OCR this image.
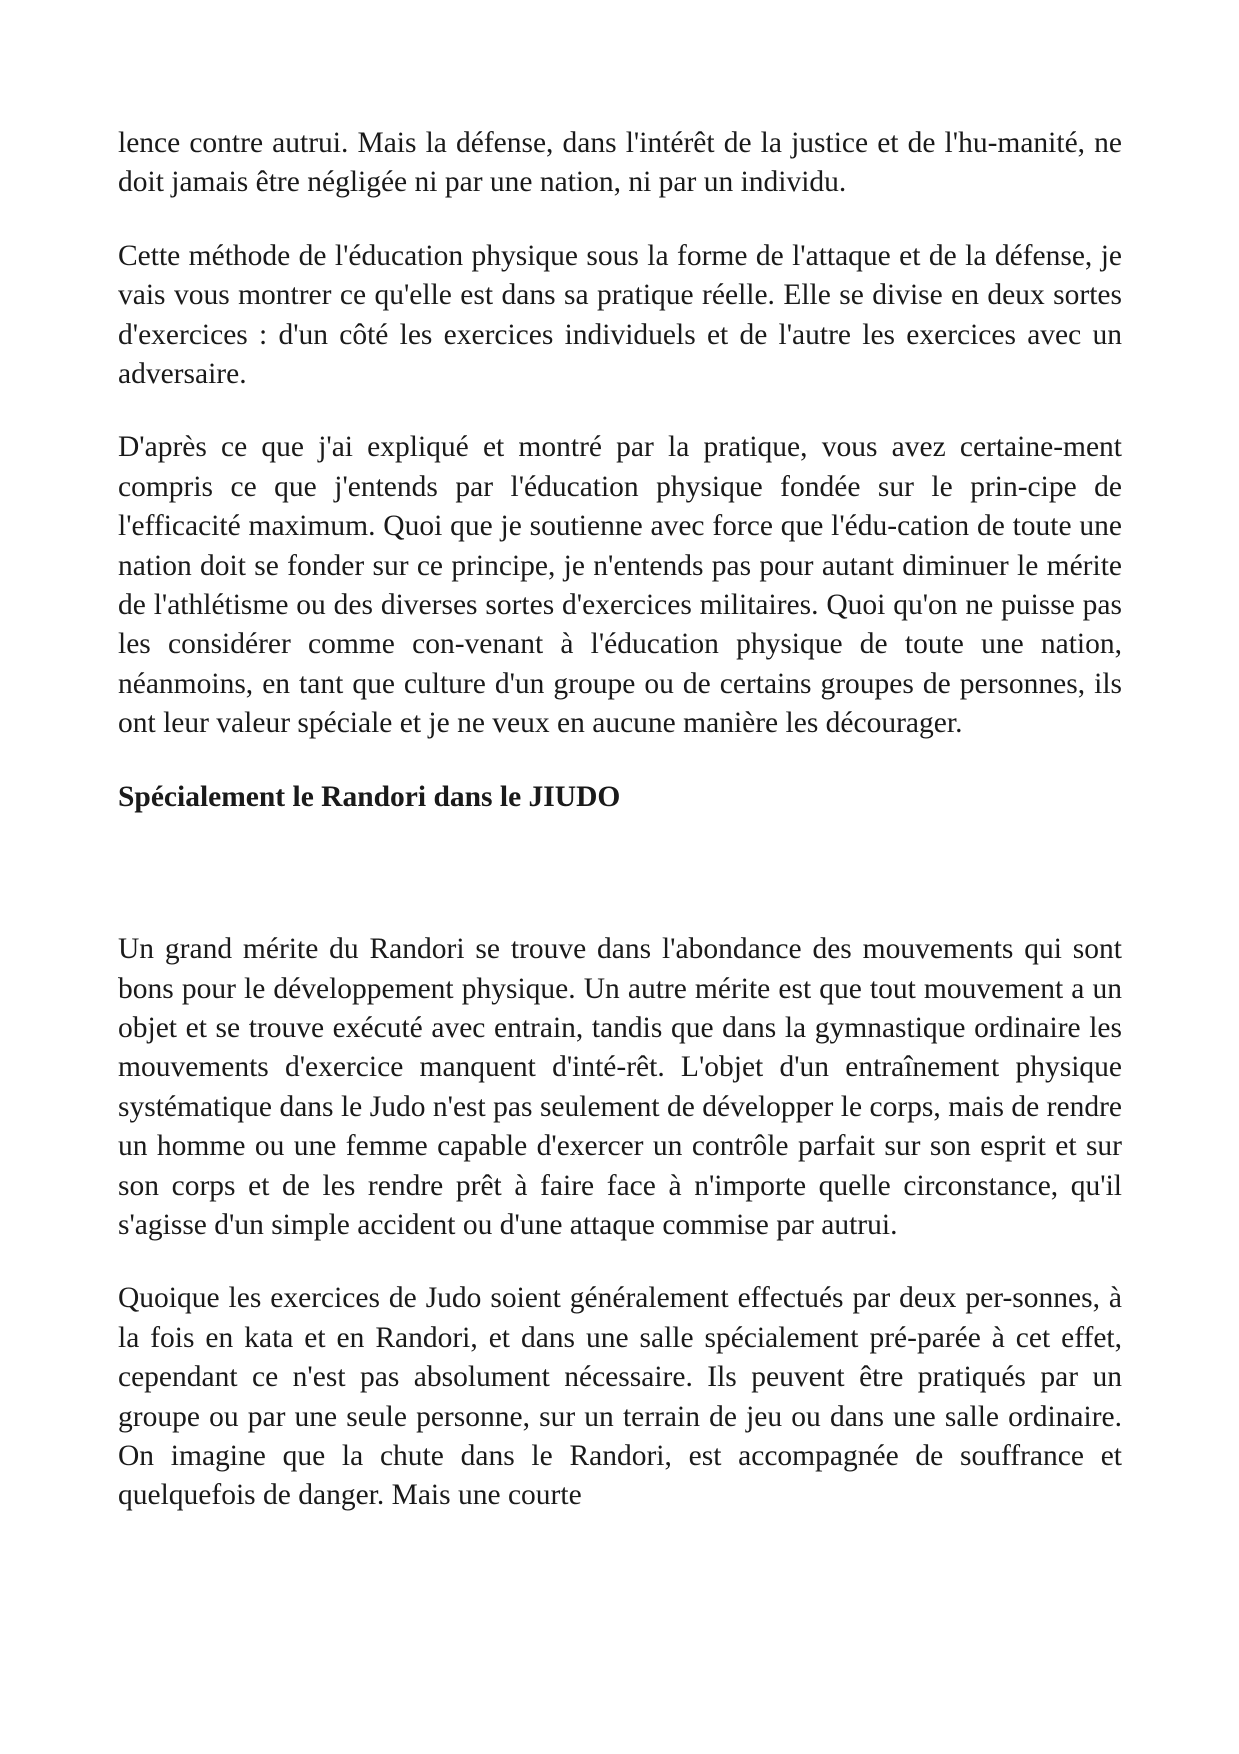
lence contre autrui. Mais la défense, dans l'intérêt de la justice et de l'hu-manité, ne doit jamais être négligée ni par une nation, ni par un individu.

Cette méthode de l'éducation physique sous la forme de l'attaque et de la défense, je vais vous montrer ce qu'elle est dans sa pratique réelle. Elle se divise en deux sortes d'exercices : d'un côté les exercices individuels et de l'autre les exercices avec un adversaire.

D'après ce que j'ai expliqué et montré par la pratique, vous avez certaine-ment compris ce que j'entends par l'éducation physique fondée sur le prin-cipe de l'efficacité maximum. Quoi que je soutienne avec force que l'édu-cation de toute une nation doit se fonder sur ce principe, je n'entends pas pour autant diminuer le mérite de l'athlétisme ou des diverses sortes d'exercices militaires. Quoi qu'on ne puisse pas les considérer comme con-venant à l'éducation physique de toute une nation, néanmoins, en tant que culture d'un groupe ou de certains groupes de personnes, ils ont leur valeur spéciale et je ne veux en aucune manière les décourager.

Spécialement le Randori dans le JIUDO

Un grand mérite du Randori se trouve dans l'abondance des mouvements qui sont bons pour le développement physique. Un autre mérite est que tout mouvement a un objet et se trouve exécuté avec entrain, tandis que dans la gymnastique ordinaire les mouvements d'exercice manquent d'inté-rêt. L'objet d'un entraînement physique systématique dans le Judo n'est pas seulement de développer le corps, mais de rendre un homme ou une femme capable d'exercer un contrôle parfait sur son esprit et sur son corps et de les rendre prêt à faire face à n'importe quelle circonstance, qu'il s'agisse d'un simple accident ou d'une attaque commise par autrui.

Quoique les exercices de Judo soient généralement effectués par deux per-sonnes, à la fois en kata et en Randori, et dans une salle spécialement pré-parée à cet effet, cependant ce n'est pas absolument nécessaire. Ils peuvent être pratiqués par un groupe ou par une seule personne, sur un terrain de jeu ou dans une salle ordinaire. On imagine que la chute dans le Randori, est accompagnée de souffrance et quelquefois de danger. Mais une courte
